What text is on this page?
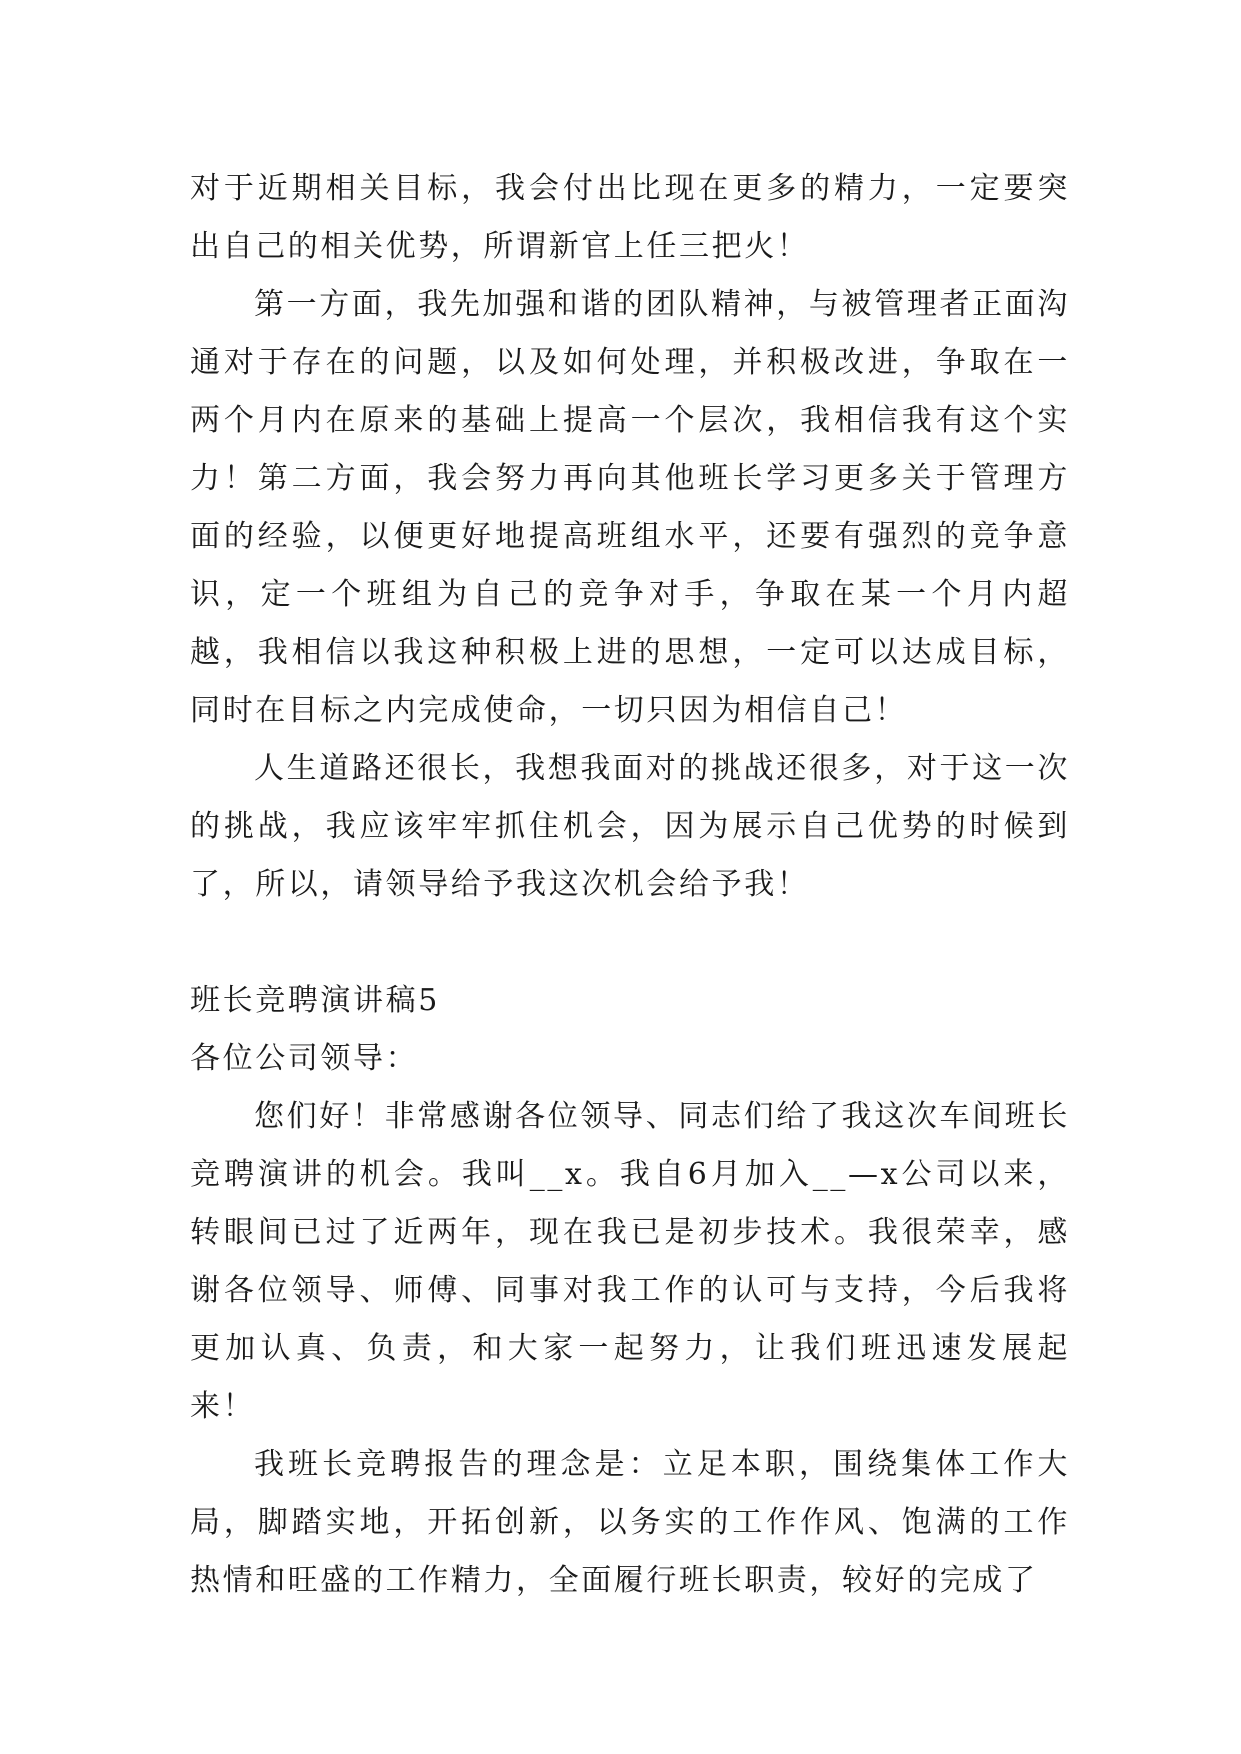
对于近期相关目标，我会付出比现在更多的精力，一定要突出自己的相关优势，所谓新官上任三把火！

第一方面，我先加强和谐的团队精神，与被管理者正面沟通对于存在的问题，以及如何处理，并积极改进，争取在一两个月内在原来的基础上提高一个层次，我相信我有这个实力！第二方面，我会努力再向其他班长学习更多关于管理方面的经验，以便更好地提高班组水平，还要有强烈的竞争意识，定一个班组为自己的竞争对手，争取在某一个月内超越，我相信以我这种积极上进的思想，一定可以达成目标，同时在目标之内完成使命，一切只因为相信自己！

人生道路还很长，我想我面对的挑战还很多，对于这一次的挑战，我应该牢牢抓住机会，因为展示自己优势的时候到了，所以，请领导给予我这次机会给予我！

班长竞聘演讲稿5

各位公司领导：

您们好！非常感谢各位领导、同志们给了我这次车间班长竞聘演讲的机会。我叫__x。我自6月加入__—x公司以来，转眼间已过了近两年，现在我已是初步技术。我很荣幸，感谢各位领导、师傅、同事对我工作的认可与支持，今后我将更加认真、负责，和大家一起努力，让我们班迅速发展起来！

我班长竞聘报告的理念是：立足本职，围绕集体工作大局，脚踏实地，开拓创新，以务实的工作作风、饱满的工作热情和旺盛的工作精力，全面履行班长职责，较好的完成了
